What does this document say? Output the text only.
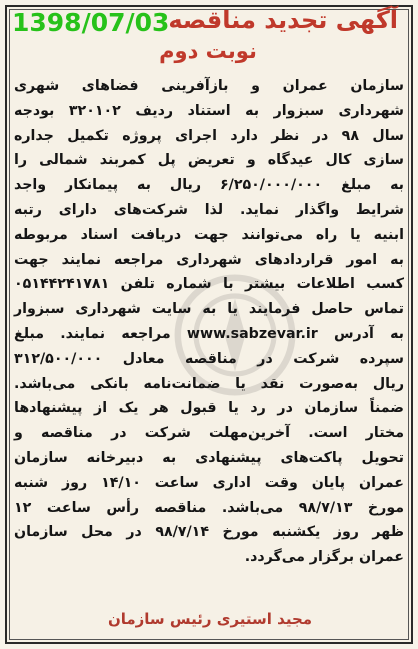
1398/07/03
آگهی تجدید مناقصه
نوبت دوم

سازمان عمران و بازآفرینی فضاهای شهری

شهرداری سبزوار به استناد ردیف ۳۲۰۱۰۲ بودجه

سال ۹۸ در نظر دارد اجرای پروژه تکمیل جداره

سازی کال عیدگاه و تعریض پل کمربند شمالی را

به مبلغ ۶/۲۵۰/۰۰۰/۰۰۰ ریال به پیمانکار واجد

شرایط واگذار نماید. لذا شرکت‌های دارای رتبه

ابنیه یا راه می‌توانند جهت دریافت اسناد مربوطه

به امور قراردادهای شهرداری مراجعه نمایند جهت

کسب اطلاعات بیشتر با شماره تلفن ۰۵۱۴۴۲۴۱۷۸۱

تماس حاصل فرمایند یا به سایت شهرداری سبزوار

به آدرس www.sabzevar.ir مراجعه نمایند. مبلغ

سپرده شرکت در مناقصه معادل ۳۱۲/۵۰۰/۰۰۰

ریال به‌صورت نقد یا ضمانت‌نامه بانکی می‌باشد.

ضمناً سازمان در رد یا قبول هر یک از پیشنهادها

مختار است. آخرین‌مهلت شرکت در مناقصه و

تحویل پاکت‌های پیشنهادی به دبیرخانه سازمان

عمران پایان وقت اداری ساعت ۱۴/۱۰ روز شنبه

مورخ ۹۸/۷/۱۳ می‌باشد. مناقصه رأس ساعت ۱۲

ظهر روز یکشنبه مورخ ۹۸/۷/۱۴ در محل سازمان

عمران برگزار می‌گردد.

مجید استیری رئیس سازمان
